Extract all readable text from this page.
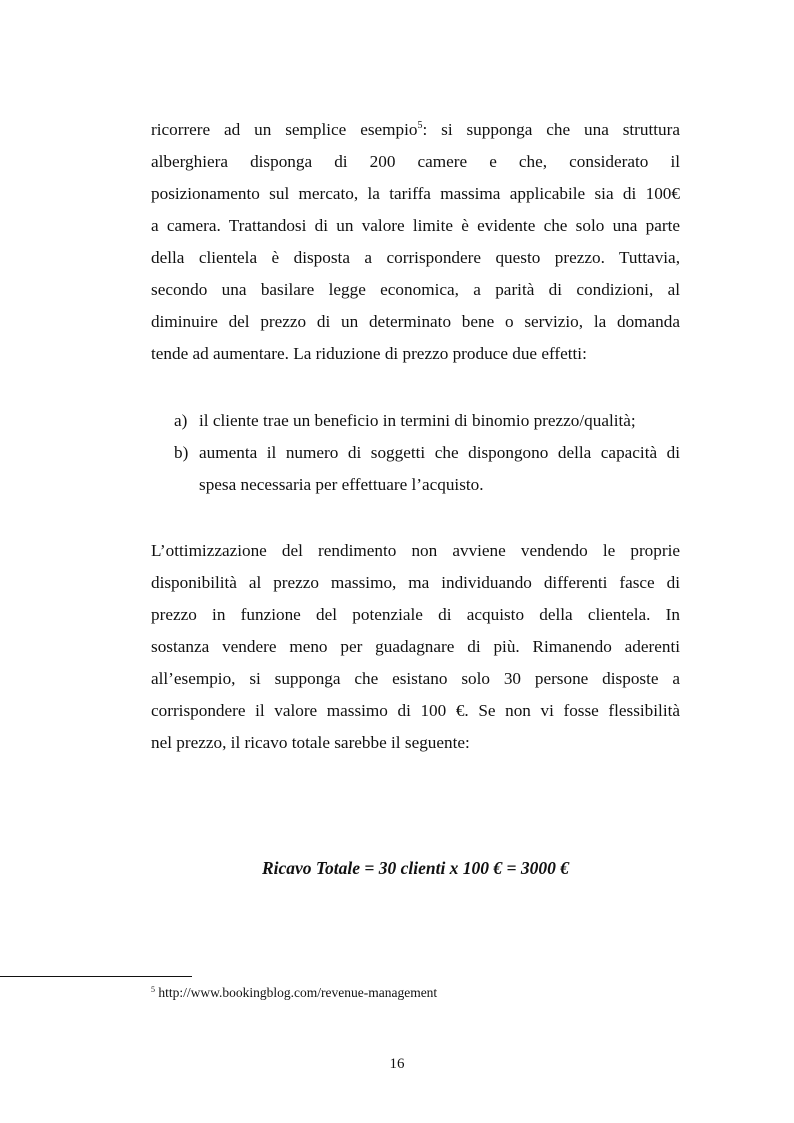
ricorrere ad un semplice esempio$^5$: si supponga che una struttura
alberghiera disponga di 200 camere e che, considerato il
posizionamento sul mercato, la tariffa massima applicabile sia di 100€
a camera. Trattandosi di un valore limite è evidente che solo una parte
della clientela è disposta a corrispondere questo prezzo. Tuttavia,
secondo una basilare legge economica, a parità di condizioni, al
diminuire del prezzo di un determinato bene o servizio, la domanda
tende ad aumentare. La riduzione di prezzo produce due effetti:
a) il cliente trae un beneficio in termini di binomio prezzo/qualità;
b) aumenta il numero di soggetti che dispongono della capacità di
spesa necessaria per effettuare l’acquisto.
L’ottimizzazione del rendimento non avviene vendendo le proprie
disponibilità al prezzo massimo, ma individuando differenti fasce di
prezzo in funzione del potenziale di acquisto della clientela. In
sostanza vendere meno per guadagnare di più. Rimanendo aderenti
all’esempio, si supponga che esistano solo 30 persone disposte a
corrispondere il valore massimo di 100 €. Se non vi fosse flessibilità
nel prezzo, il ricavo totale sarebbe il seguente:
Ricavo Totale = 30 clienti x 100 € = 3000 €
$^5$ http://www.bookingblog.com/revenue-management
16
